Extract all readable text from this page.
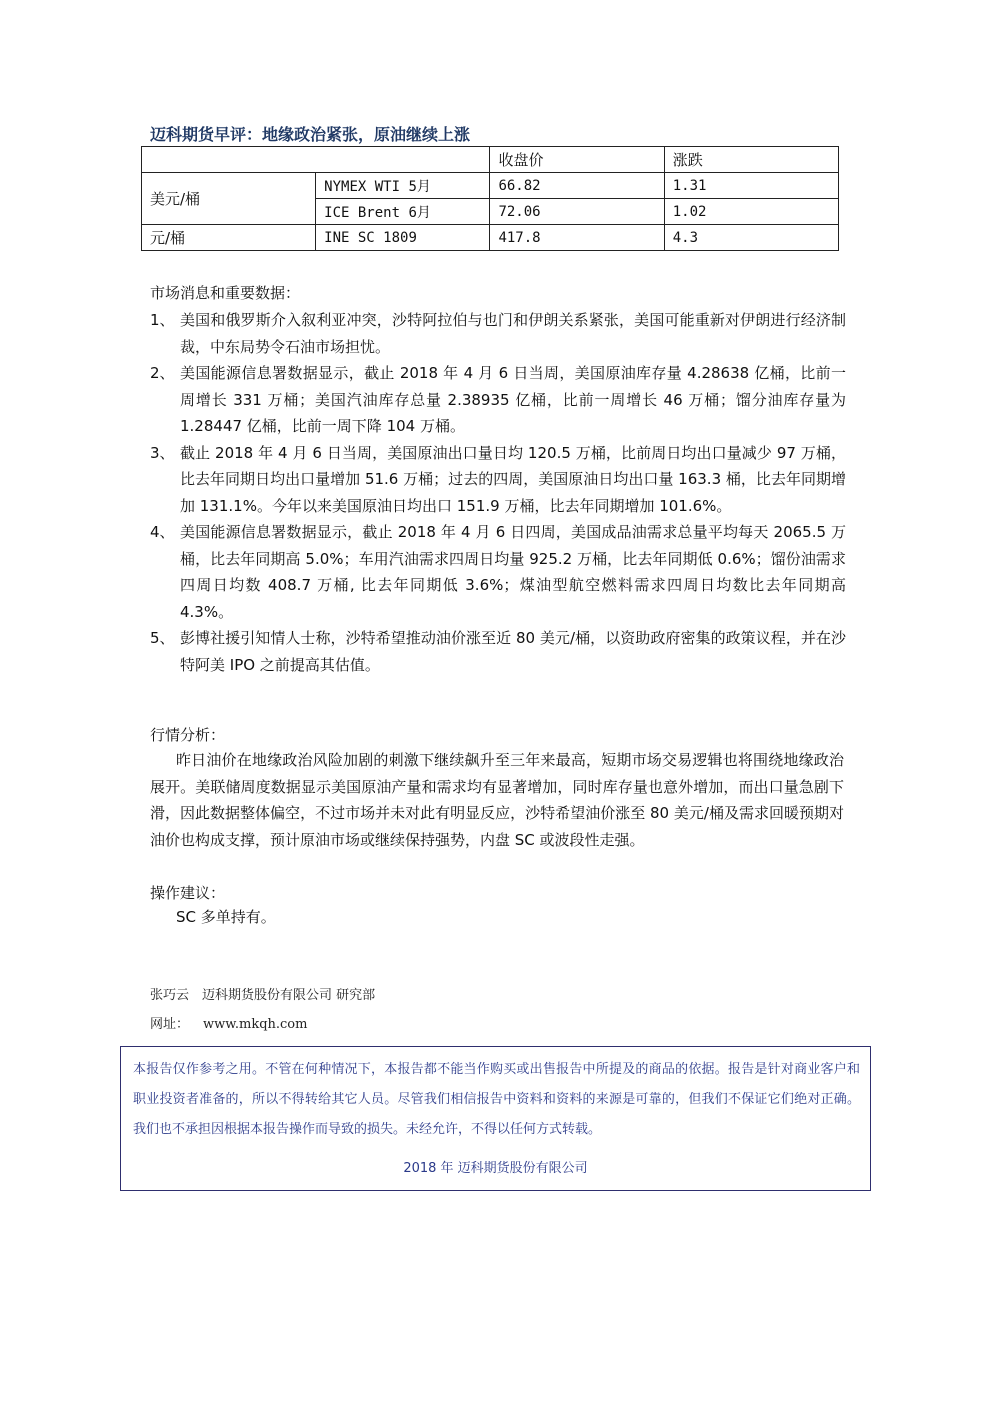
迈科期货早评：地缘政治紧张，原油继续上涨
		收盘价	涨跌
美元/桶	NYMEX WTI 5月	66.82	1.31
	ICE Brent 6月	72.06	1.02
元/桶	INE SC 1809	417.8	4.3
市场消息和重要数据：

1、 美国和俄罗斯介入叙利亚冲突，沙特阿拉伯与也门和伊朗关系紧张，美国可能重新对伊朗进行经济制裁，中东局势令石油市场担忧。

2、 美国能源信息署数据显示，截止 2018 年 4 月 6 日当周，美国原油库存量 4.28638 亿桶，比前一周增长 331 万桶；美国汽油库存总量 2.38935 亿桶，比前一周增长 46 万桶；馏分油库存量为 1.28447 亿桶，比前一周下降 104 万桶。

3、 截止 2018 年 4 月 6 日当周，美国原油出口量日均 120.5 万桶，比前周日均出口量减少 97 万桶，比去年同期日均出口量增加 51.6 万桶；过去的四周，美国原油日均出口量 163.3 桶，比去年同期增加 131.1%。今年以来美国原油日均出口 151.9 万桶，比去年同期增加 101.6%。

4、 美国能源信息署数据显示，截止 2018 年 4 月 6 日四周，美国成品油需求总量平均每天 2065.5 万桶，比去年同期高 5.0%；车用汽油需求四周日均量 925.2 万桶，比去年同期低 0.6%；馏份油需求四周日均数 408.7 万桶, 比去年同期低 3.6%；煤油型航空燃料需求四周日均数比去年同期高 4.3%。

5、 彭博社援引知情人士称，沙特希望推动油价涨至近 80 美元/桶，以资助政府密集的政策议程，并在沙特阿美 IPO 之前提高其估值。

行情分析：
昨日油价在地缘政治风险加剧的刺激下继续飙升至三年来最高，短期市场交易逻辑也将围绕地缘政治展开。美联储周度数据显示美国原油产量和需求均有显著增加，同时库存量也意外增加，而出口量急剧下滑，因此数据整体偏空，不过市场并未对此有明显反应，沙特希望油价涨至 80 美元/桶及需求回暖预期对油价也构成支撑，预计原油市场或继续保持强势，内盘 SC 或波段性走强。
操作建议：
SC 多单持有。
张巧云　迈科期货股份有限公司 研究部
网址： www.mkqh.com
本报告仅作参考之用。不管在何种情况下，本报告都不能当作购买或出售报告中所提及的商品的依据。报告是针对商业客户和职业投资者准备的，所以不得转给其它人员。尽管我们相信报告中资料和资料的来源是可靠的，但我们不保证它们绝对正确。我们也不承担因根据本报告操作而导致的损失。未经允许，不得以任何方式转载。
2018 年 迈科期货股份有限公司
